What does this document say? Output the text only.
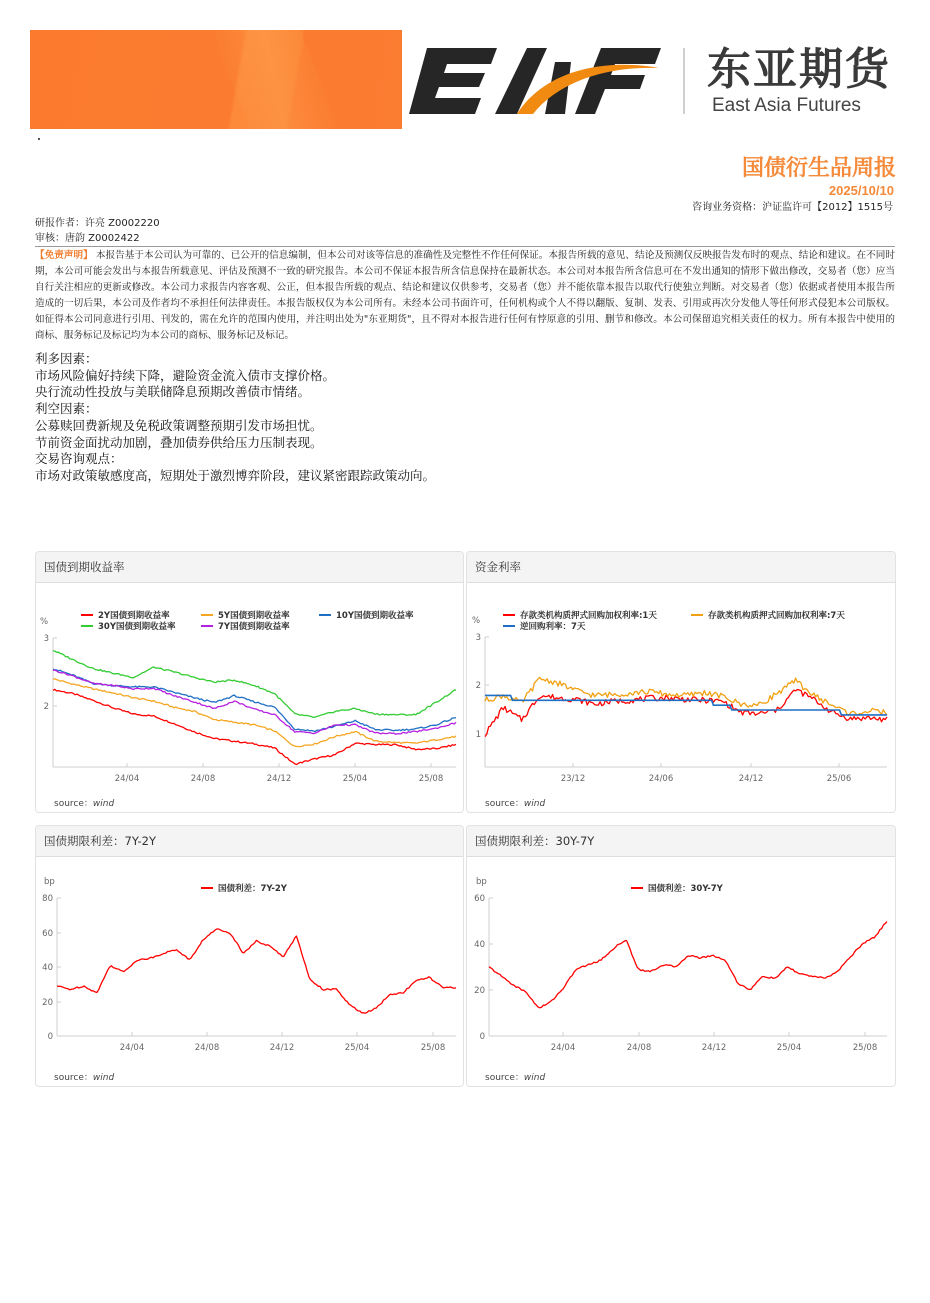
东亚期货
East Asia Futures
国债衍生品周报
2025/10/10
咨询业务资格：沪证监许可【2012】1515号
研报作者：许亮 Z0002220
审核：唐韵 Z0002422
【免责声明】 本报告基于本公司认为可靠的、已公开的信息编制，但本公司对该等信息的准确性及完整性不作任何保证。本报告所载的意见、结论及预测仅反映报告发布时的观点、结论和建议。在不同时期，本公司可能会发出与本报告所载意见、评估及预测不一致的研究报告。本公司不保证本报告所含信息保持在最新状态。本公司对本报告所含信息可在不发出通知的情形下做出修改，交易者（您）应当自行关注相应的更新或修改。本公司力求报告内容客观、公正，但本报告所载的观点、结论和建议仅供参考，交易者（您）并不能依靠本报告以取代行使独立判断。对交易者（您）依据或者使用本报告所造成的一切后果，本公司及作者均不承担任何法律责任。本报告版权仅为本公司所有。未经本公司书面许可，任何机构或个人不得以翻版、复制、发表、引用或再次分发他人等任何形式侵犯本公司版权。如征得本公司同意进行引用、刊发的，需在允许的范围内使用，并注明出处为"东亚期货"，且不得对本报告进行任何有悖原意的引用、删节和修改。本公司保留追究相关责任的权力。所有本报告中使用的商标、服务标记及标记均为本公司的商标、服务标记及标记。
利多因素：
市场风险偏好持续下降，避险资金流入债市支撑价格。
央行流动性投放与美联储降息预期改善债市情绪。
利空因素：
公募赎回费新规及免税政策调整预期引发市场担忧。
节前资金面扰动加剧，叠加债券供给压力压制表现。
交易咨询观点：
市场对政策敏感度高，短期处于激烈博弈阶段，建议紧密跟踪政策动向。
国债到期收益率
2Y国债到期收益率	5Y国债到期收益率	10Y国债到期收益率
30Y国债到期收益率	7Y国债到期收益率
%
3
2
24/04	24/08	24/12	25/04	25/08
source：wind
资金利率
存款类机构质押式回购加权利率:1天	存款类机构质押式回购加权利率:7天
逆回购利率：7天
%
3
2
1
23/12	24/06	24/12	25/06
source：wind
国债期限利差：7Y-2Y
国债利差：7Y-2Y
bp
80
60
40
20
0
24/04	24/08	24/12	25/04	25/08
source：wind
国债期限利差：30Y-7Y
国债利差：30Y-7Y
bp
60
40
20
0
24/04	24/08	24/12	25/04	25/08
source：wind
